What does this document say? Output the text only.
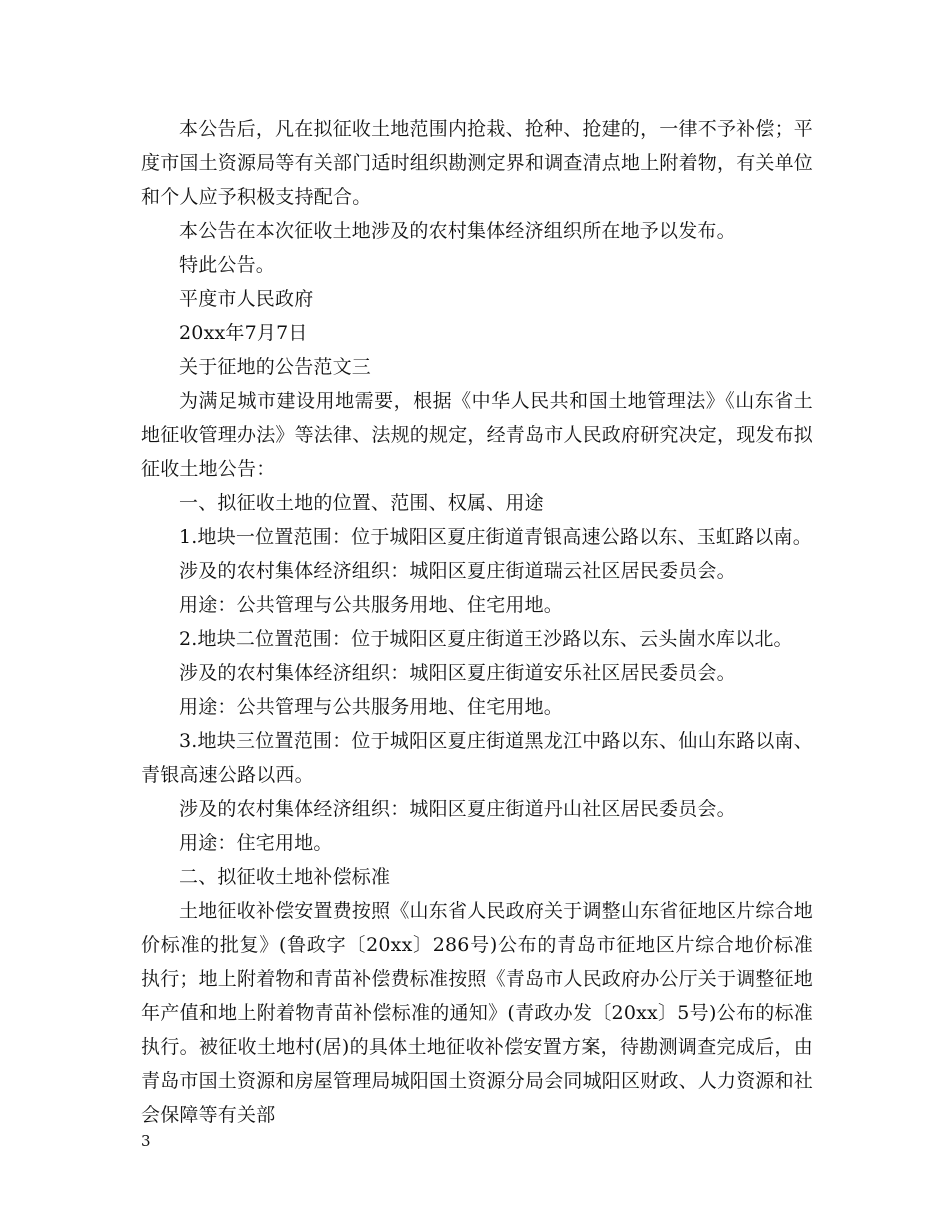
本公告后，凡在拟征收土地范围内抢栽、抢种、抢建的，一律不予补偿；平度市国土资源局等有关部门适时组织勘测定界和调查清点地上附着物，有关单位和个人应予积极支持配合。

本公告在本次征收土地涉及的农村集体经济组织所在地予以发布。

特此公告。

平度市人民政府

20xx年7月7日

关于征地的公告范文三

为满足城市建设用地需要，根据《中华人民共和国土地管理法》《山东省土地征收管理办法》等法律、法规的规定，经青岛市人民政府研究决定，现发布拟征收土地公告：

一、拟征收土地的位置、范围、权属、用途

1.地块一位置范围：位于城阳区夏庄街道青银高速公路以东、玉虹路以南。

涉及的农村集体经济组织：城阳区夏庄街道瑞云社区居民委员会。

用途：公共管理与公共服务用地、住宅用地。

2.地块二位置范围：位于城阳区夏庄街道王沙路以东、云头崮水库以北。

涉及的农村集体经济组织：城阳区夏庄街道安乐社区居民委员会。

用途：公共管理与公共服务用地、住宅用地。

3.地块三位置范围：位于城阳区夏庄街道黑龙江中路以东、仙山东路以南、青银高速公路以西。

涉及的农村集体经济组织：城阳区夏庄街道丹山社区居民委员会。

用途：住宅用地。

二、拟征收土地补偿标准

土地征收补偿安置费按照《山东省人民政府关于调整山东省征地区片综合地价标准的批复》(鲁政字〔20xx〕286号)公布的青岛市征地区片综合地价标准执行；地上附着物和青苗补偿费标准按照《青岛市人民政府办公厅关于调整征地年产值和地上附着物青苗补偿标准的通知》(青政办发〔20xx〕5号)公布的标准执行。被征收土地村(居)的具体土地征收补偿安置方案，待勘测调查完成后，由青岛市国土资源和房屋管理局城阳国土资源分局会同城阳区财政、人力资源和社会保障等有关部

3
